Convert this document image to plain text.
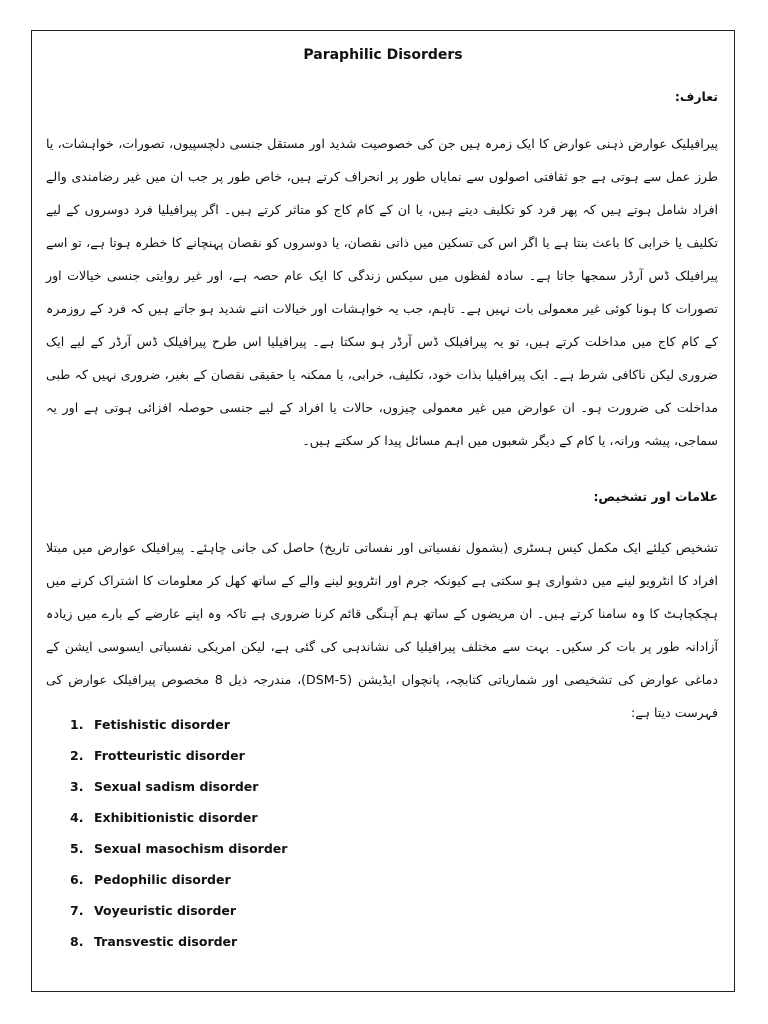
Paraphilic Disorders
تعارف:

پیرافیلیک عوارض ذہنی عوارض کا ایک زمرہ ہیں جن کی خصوصیت شدید اور مستقل جنسی دلچسپیوں، تصورات، خواہشات، یا طرز عمل سے ہوتی ہے جو ثقافتی اصولوں سے نمایاں طور پر انحراف کرتے ہیں، خاص طور پر جب ان میں غیر رضامندی والے افراد شامل ہوتے ہیں کہ پھر فرد کو تکلیف دیتے ہیں، یا ان کے کام کاج کو متاثر کرتے ہیں۔ اگر پیرافیلیا فرد دوسروں کے لیے تکلیف یا خرابی کا باعث بنتا ہے یا اگر اس کی تسکین میں ذاتی نقصان، یا دوسروں کو نقصان پہنچانے کا خطرہ ہوتا ہے، تو اسے پیرافیلک ڈس آرڈر سمجھا جاتا ہے۔ سادہ لفظوں میں سیکس زندگی کا ایک عام حصہ ہے، اور غیر روایتی جنسی خیالات اور تصورات کا ہونا کوئی غیر معمولی بات نہیں ہے۔ تاہم، جب یہ خواہشات اور خیالات اتنے شدید ہو جاتے ہیں کہ فرد کے روزمرہ کے کام کاج میں مداخلت کرتے ہیں، تو یہ پیرافیلک ڈس آرڈر ہو سکتا ہے۔ پیرافیلیا اس طرح پیرافیلک ڈس آرڈر کے لیے ایک ضروری لیکن ناکافی شرط ہے۔ ایک پیرافیلیا بذات خود، تکلیف، خرابی، یا ممکنہ یا حقیقی نقصان کے بغیر، ضروری نہیں کہ طبی مداخلت کی ضرورت ہو۔ ان عوارض میں غیر معمولی چیزوں، حالات یا افراد کے لیے جنسی حوصلہ افزائی ہوتی ہے اور یہ سماجی، پیشہ ورانہ، یا کام کے دیگر شعبوں میں اہم مسائل پیدا کر سکتے ہیں۔

علامات اور تشخیص:

تشخیص کیلئے ایک مکمل کیس ہسٹری (بشمول نفسیاتی اور نفساتی تاریخ) حاصل کی جانی چاہئے۔ پیرافیلک عوارض میں مبتلا افراد کا انٹرویو لینے میں دشواری ہو سکتی ہے کیونکہ جرم اور انٹرویو لینے والے کے ساتھ کھل کر معلومات کا اشتراک کرنے میں ہچکچاہٹ کا وہ سامنا کرتے ہیں۔ ان مریضوں کے ساتھ ہم آہنگی قائم کرنا ضروری ہے تاکہ وہ اپنے عارضے کے بارے میں زیادہ آزادانہ طور پر بات کر سکیں۔ بہت سے مختلف پیرافیلیا کی نشاندہی کی گئی ہے، لیکن امریکی نفسیاتی ایسوسی ایشن کے دماغی عوارض کی تشخیصی اور شماریاتی کتابچہ، پانچواں ایڈیشن (DSM-5)، مندرجہ ذیل 8 مخصوص پیرافیلک عوارض کی فہرست دیتا ہے:

1. Fetishistic disorder
2. Frotteuristic disorder
3. Sexual sadism disorder
4. Exhibitionistic disorder
5. Sexual masochism disorder
6. Pedophilic disorder
7. Voyeuristic disorder
8. Transvestic disorder
